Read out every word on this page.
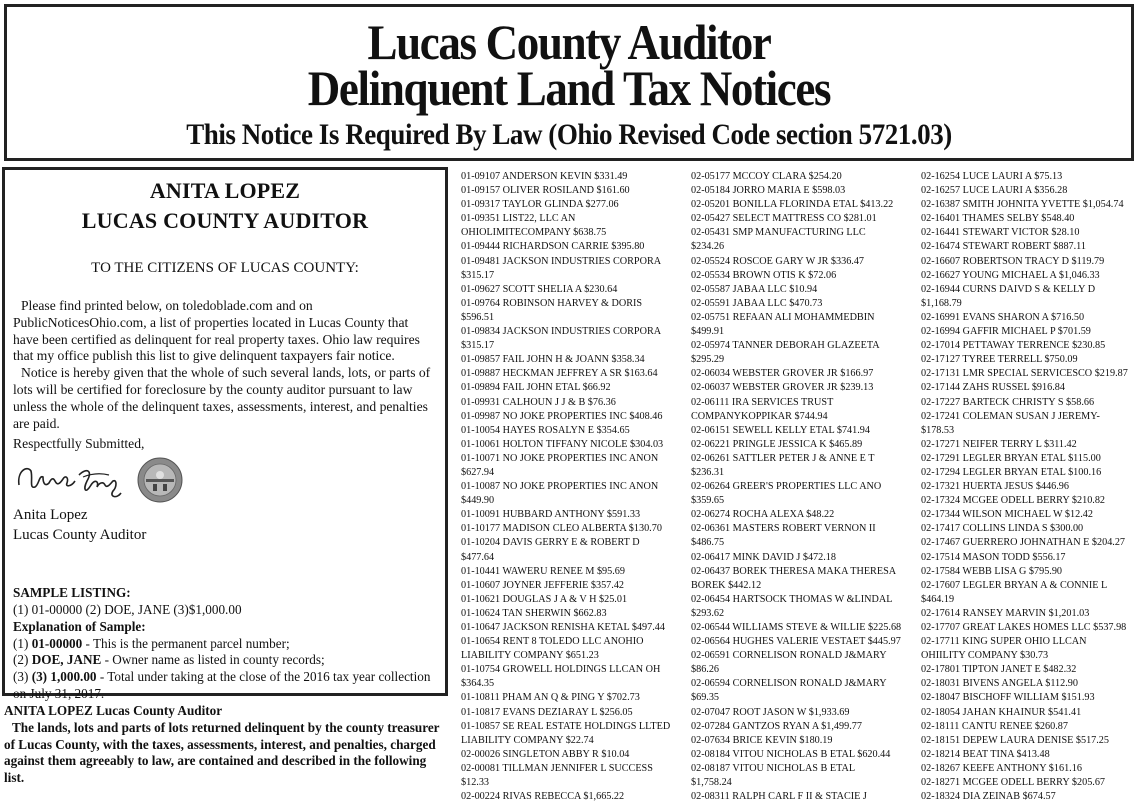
Lucas County Auditor
Delinquent Land Tax Notices
This Notice Is Required By Law (Ohio Revised Code section 5721.03)
ANITA LOPEZ
LUCAS COUNTY AUDITOR
TO THE CITIZENS OF LUCAS COUNTY:

Please find printed below, on toledoblade.com and on PublicNoticesOhio.com, a list of properties located in Lucas County that have been certified as delinquent for real property taxes. Ohio law requires that my office publish this list to give delinquent taxpayers fair notice.

Notice is hereby given that the whole of such several lands, lots, or parts of lots will be certified for foreclosure by the county auditor pursuant to law unless the whole of the delinquent taxes, assessments, interest, and penalties are paid.

Respectfully Submitted,
Anita Lopez
Lucas County Auditor
SAMPLE LISTING:
(1) 01-00000 (2) DOE, JANE (3)$1,000.00
Explanation of Sample:
(1) 01-00000 - This is the permanent parcel number;
(2) DOE, JANE - Owner name as listed in county records;
(3) (3) 1,000.00 - Total under taking at the close of the 2016 tax year collection on July 31, 2017.
ANITA LOPEZ Lucas County Auditor
The lands, lots and parts of lots returned delinquent by the county treasurer of Lucas County, with the taxes, assessments, interest, and penalties, charged against them agreeably to law, are contained and described in the following list.
01-09107 ANDERSON KEVIN $331.49
01-09157 OLIVER ROSILAND $161.60
01-09317 TAYLOR GLINDA $277.06
01-09351 LIST22, LLC AN
OHIOLIMITECOMPANY $638.75
01-09444 RICHARDSON CARRIE $395.80
01-09481 JACKSON INDUSTRIES CORPORA
$315.17
01-09627 SCOTT SHELIA A $230.64
01-09764 ROBINSON HARVEY & DORIS
$596.51
01-09834 JACKSON INDUSTRIES CORPORA
$315.17
01-09857 FAIL JOHN H & JOANN $358.34
01-09887 HECKMAN JEFFREY A SR $163.64
01-09894 FAIL JOHN ETAL $66.92
01-09931 CALHOUN J J & B $76.36
01-09987 NO JOKE PROPERTIES INC $408.46
01-10054 HAYES ROSALYN E $354.65
01-10061 HOLTON TIFFANY NICOLE $304.03
01-10071 NO JOKE PROPERTIES INC ANON
$627.94
01-10087 NO JOKE PROPERTIES INC ANON
$449.90
01-10091 HUBBARD ANTHONY $591.33
01-10177 MADISON CLEO ALBERTA $130.70
01-10204 DAVIS GERRY E & ROBERT D
$477.64
01-10441 WAWERU RENEE M $95.69
01-10607 JOYNER JEFFERIE $357.42
01-10621 DOUGLAS J A & V H $25.01
01-10624 TAN SHERWIN $662.83
01-10647 JACKSON RENISHA KETAL $497.44
01-10654 RENT 8 TOLEDO LLC ANOHIO
LIABILITY COMPANY $651.23
01-10754 GROWELL HOLDINGS LLCAN OH
$364.35
01-10811 PHAM AN Q & PING Y $702.73
01-10817 EVANS DEZIARAY L $256.05
01-10857 SE REAL ESTATE HOLDINGS LLTED
LIABILITY COMPANY $22.74
02-00026 SINGLETON ABBY R $10.04
02-00081 TILLMAN JENNIFER L SUCCESS
$12.33
02-00224 RIVAS REBECCA $1,665.22
02-05177 MCCOY CLARA $254.20
02-05184 JORRO MARIA E $598.03
02-05201 BONILLA FLORINDA ETAL $413.22
02-05427 SELECT MATTRESS CO $281.01
02-05431 SMP MANUFACTURING LLC
$234.26
02-05524 ROSCOE GARY W JR $336.47
02-05534 BROWN OTIS K $72.06
02-05587 JABAA LLC $10.94
02-05591 JABAA LLC $470.73
02-05751 REFAAN ALI MOHAMMEDBIN
$499.91
02-05974 TANNER DEBORAH GLAZEETA
$295.29
02-06034 WEBSTER GROVER JR $166.97
02-06037 WEBSTER GROVER JR $239.13
02-06111 IRA SERVICES TRUST
COMPANYKOPPIKAR $744.94
02-06151 SEWELL KELLY ETAL $741.94
02-06221 PRINGLE JESSICA K $465.89
02-06261 SATTLER PETER J & ANNE E T
$236.31
02-06264 GREER'S PROPERTIES LLC ANO
$359.65
02-06274 ROCHA ALEXA $48.22
02-06361 MASTERS ROBERT VERNON II
$486.75
02-06417 MINK DAVID J $472.18
02-06437 BOREK THERESA MAKA THERESA
BOREK $442.12
02-06454 HARTSOCK THOMAS W &LINDAL
$293.62
02-06544 WILLIAMS STEVE & WILLIE $225.68
02-06564 HUGHES VALERIE VESTAET $445.97
02-06591 CORNELISON RONALD J&MARY
$86.26
02-06594 CORNELISON RONALD J&MARY
$69.35
02-07047 ROOT JASON W $1,933.69
02-07284 GANTZOS RYAN A $1,499.77
02-07634 BRICE KEVIN $180.19
02-08184 VITOU NICHOLAS B ETAL $620.44
02-08187 VITOU NICHOLAS B ETAL
$1,758.24
02-08311 RALPH CARL F II & STACIE J
02-16254 LUCE LAURI A $75.13
02-16257 LUCE LAURI A $356.28
02-16387 SMITH JOHNITA YVETTE $1,054.74
02-16401 THAMES SELBY $548.40
02-16441 STEWART VICTOR $28.10
02-16474 STEWART ROBERT $887.11
02-16607 ROBERTSON TRACY D $119.79
02-16627 YOUNG MICHAEL A $1,046.33
02-16944 CURNS DAIVD S & KELLY D
$1,168.79
02-16991 EVANS SHARON A $716.50
02-16994 GAFFIR MICHAEL P $701.59
02-17014 PETTAWAY TERRENCE $230.85
02-17127 TYREE TERRELL $750.09
02-17131 LMR SPECIAL SERVICESCO $219.87
02-17144 ZAHS RUSSEL $916.84
02-17227 BARTECK CHRISTY S $58.66
02-17241 COLEMAN SUSAN J JEREMY-
$178.53
02-17271 NEIFER TERRY L $311.42
02-17291 LEGLER BRYAN ETAL $115.00
02-17294 LEGLER BRYAN ETAL $100.16
02-17321 HUERTA JESUS $446.96
02-17324 MCGEE ODELL BERRY $210.82
02-17344 WILSON MICHAEL W $12.42
02-17417 COLLINS LINDA S $300.00
02-17467 GUERRERO JOHNATHAN E $204.27
02-17514 MASON TODD $556.17
02-17584 WEBB LISA G $795.90
02-17607 LEGLER BRYAN A & CONNIE L
$464.19
02-17614 RANSEY MARVIN $1,201.03
02-17707 GREAT LAKES HOMES LLC $537.98
02-17711 KING SUPER OHIO LLCAN
OHIILITY COMPANY $30.73
02-17801 TIPTON JANET E $482.32
02-18031 BIVENS ANGELA $112.90
02-18047 BISCHOFF WILLIAM $151.93
02-18054 JAHAN KHAINUR $541.41
02-18111 CANTU RENEE $260.87
02-18151 DEPEW LAURA DENISE $517.25
02-18214 BEAT TINA $413.48
02-18267 KEEFE ANTHONY $161.16
02-18271 MCGEE ODELL BERRY $205.67
02-18324 DIA ZEINAB $674.57
